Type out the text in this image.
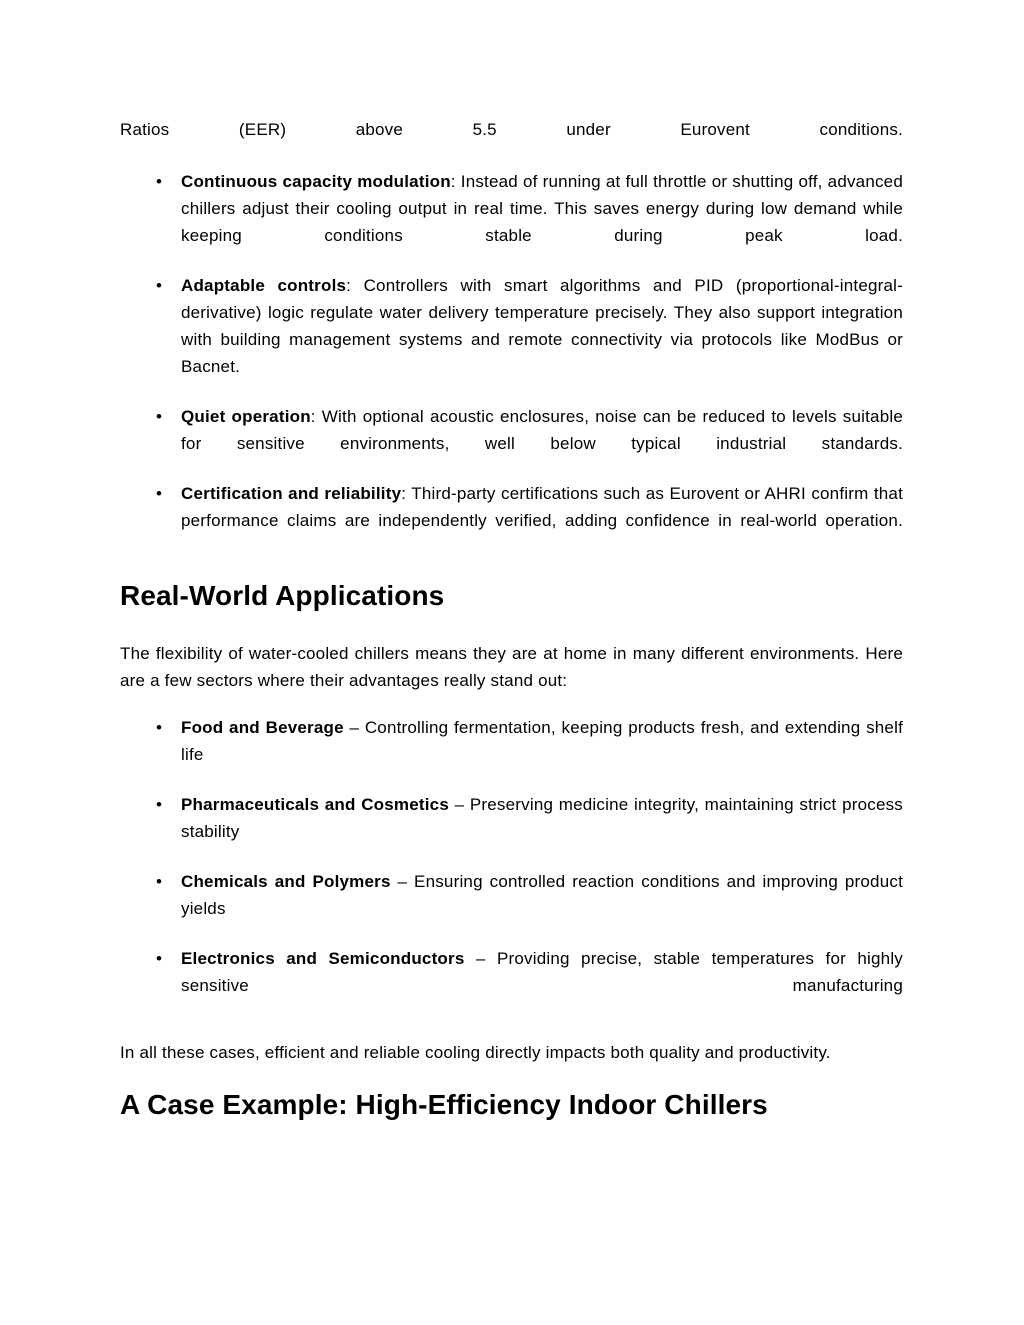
Ratios (EER) above 5.5 under Eurovent conditions.

• Continuous capacity modulation: Instead of running at full throttle or shutting off, advanced chillers adjust their cooling output in real time. This saves energy during low demand while keeping conditions stable during peak load.

• Adaptable controls: Controllers with smart algorithms and PID (proportional-integral-derivative) logic regulate water delivery temperature precisely. They also support integration with building management systems and remote connectivity via protocols like ModBus or Bacnet.

• Quiet operation: With optional acoustic enclosures, noise can be reduced to levels suitable for sensitive environments, well below typical industrial standards.

• Certification and reliability: Third-party certifications such as Eurovent or AHRI confirm that performance claims are independently verified, adding confidence in real-world operation.

Real-World Applications

The flexibility of water-cooled chillers means they are at home in many different environments. Here are a few sectors where their advantages really stand out:

• Food and Beverage – Controlling fermentation, keeping products fresh, and extending shelf life

• Pharmaceuticals and Cosmetics – Preserving medicine integrity, maintaining strict process stability

• Chemicals and Polymers – Ensuring controlled reaction conditions and improving product yields

• Electronics and Semiconductors – Providing precise, stable temperatures for highly sensitive manufacturing

In all these cases, efficient and reliable cooling directly impacts both quality and productivity.

A Case Example: High-Efficiency Indoor Chillers
